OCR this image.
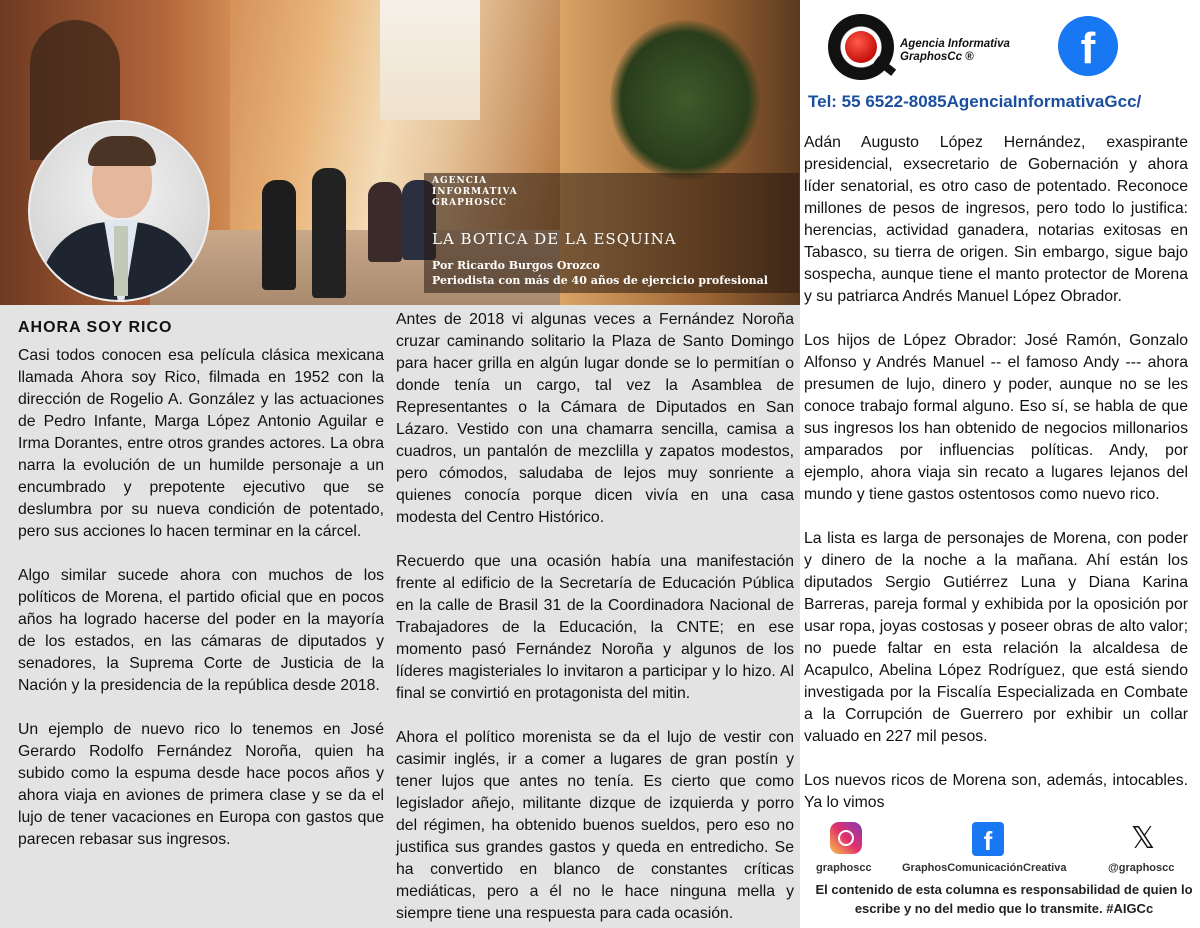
AGENCIA INFORMATIVA GRAPHOSCC
LA BOTICA DE LA ESQUINA
Por Ricardo Burgos Orozco
Periodista con más de 40 años de ejercicio profesional
AHORA SOY RICO

Casi todos conocen esa película clásica mexicana llamada Ahora soy Rico, filmada en 1952 con la dirección de Rogelio A. González y las actuaciones de Pedro Infante, Marga López Antonio Aguilar e Irma Dorantes, entre otros grandes actores. La obra narra la evolución de un humilde personaje a un encumbrado y prepotente ejecutivo que se deslumbra por su nueva condición de potentado, pero sus acciones lo hacen terminar en la cárcel.

Algo similar sucede ahora con muchos de los políticos de Morena, el partido oficial que en pocos años ha logrado hacerse del poder en la mayoría de los estados, en las cámaras de diputados y senadores, la Suprema Corte de Justicia de la Nación y la presidencia de la república desde 2018.

Un ejemplo de nuevo rico lo tenemos en José Gerardo Rodolfo Fernández Noroña, quien ha subido como la espuma desde hace pocos años y ahora viaja en aviones de primera clase y se da el lujo de tener vacaciones en Europa con gastos que parecen rebasar sus ingresos.

Antes de 2018 vi algunas veces a Fernández Noroña cruzar caminando solitario la Plaza de Santo Domingo para hacer grilla en algún lugar donde se lo permitían o donde tenía un cargo, tal vez la Asamblea de Representantes o la Cámara de Diputados en San Lázaro. Vestido con una chamarra sencilla, camisa a cuadros, un pantalón de mezclilla y zapatos modestos, pero cómodos, saludaba de lejos muy sonriente a quienes conocía porque dicen vivía en una casa modesta del Centro Histórico.

Recuerdo que una ocasión había una manifestación frente al edificio de la Secretaría de Educación Pública en la calle de Brasil 31 de la Coordinadora Nacional de Trabajadores de la Educación, la CNTE; en ese momento pasó Fernández Noroña y algunos de los líderes magisteriales lo invitaron a participar y lo hizo. Al final se convirtió en protagonista del mitin.

Ahora el político morenista se da el lujo de vestir con casimir inglés, ir a comer a lugares de gran postín y tener lujos que antes no tenía. Es cierto que como legislador añejo, militante dizque de izquierda y porro del régimen, ha obtenido buenos sueldos, pero eso no justifica sus grandes gastos y queda en entredicho. Se ha convertido en blanco de constantes críticas mediáticas, pero a él no le hace ninguna mella y siempre tiene una respuesta para cada ocasión.

Agencia Informativa
GraphosCc ®	f
Tel: 55 6522-8085AgenciaInformativaGcc/

Adán Augusto López Hernández, exaspirante presidencial, exsecretario de Gobernación y ahora líder senatorial, es otro caso de potentado. Reconoce millones de pesos de ingresos, pero todo lo justifica: herencias, actividad ganadera, notarias exitosas en Tabasco, su tierra de origen. Sin embargo, sigue bajo sospecha, aunque tiene el manto protector de Morena y su patriarca Andrés Manuel López Obrador.

Los hijos de López Obrador: José Ramón, Gonzalo Alfonso y Andrés Manuel -- el famoso Andy --- ahora presumen de lujo, dinero y poder, aunque no se les conoce trabajo formal alguno. Eso sí, se habla de que sus ingresos los han obtenido de negocios millonarios amparados por influencias políticas. Andy, por ejemplo, ahora viaja sin recato a lugares lejanos del mundo y tiene gastos ostentosos como nuevo rico.

La lista es larga de personajes de Morena, con poder y dinero de la noche a la mañana. Ahí están los diputados Sergio Gutiérrez Luna y Diana Karina Barreras, pareja formal y exhibida por la oposición por usar ropa, joyas costosas y poseer obras de alto valor; no puede faltar en esta relación la alcaldesa de Acapulco, Abelina López Rodríguez, que está siendo investigada por la Fiscalía Especializada en Combate a la Corrupción de Guerrero por exhibir un collar valuado en 227 mil pesos.

Los nuevos ricos de Morena son, además, intocables. Ya lo vimos

f	𝕏
graphoscc	GraphosComunicaciónCreativa	@graphoscc
El contenido de esta columna es responsabilidad de quien lo escribe y no del medio que lo transmite. #AIGCc
